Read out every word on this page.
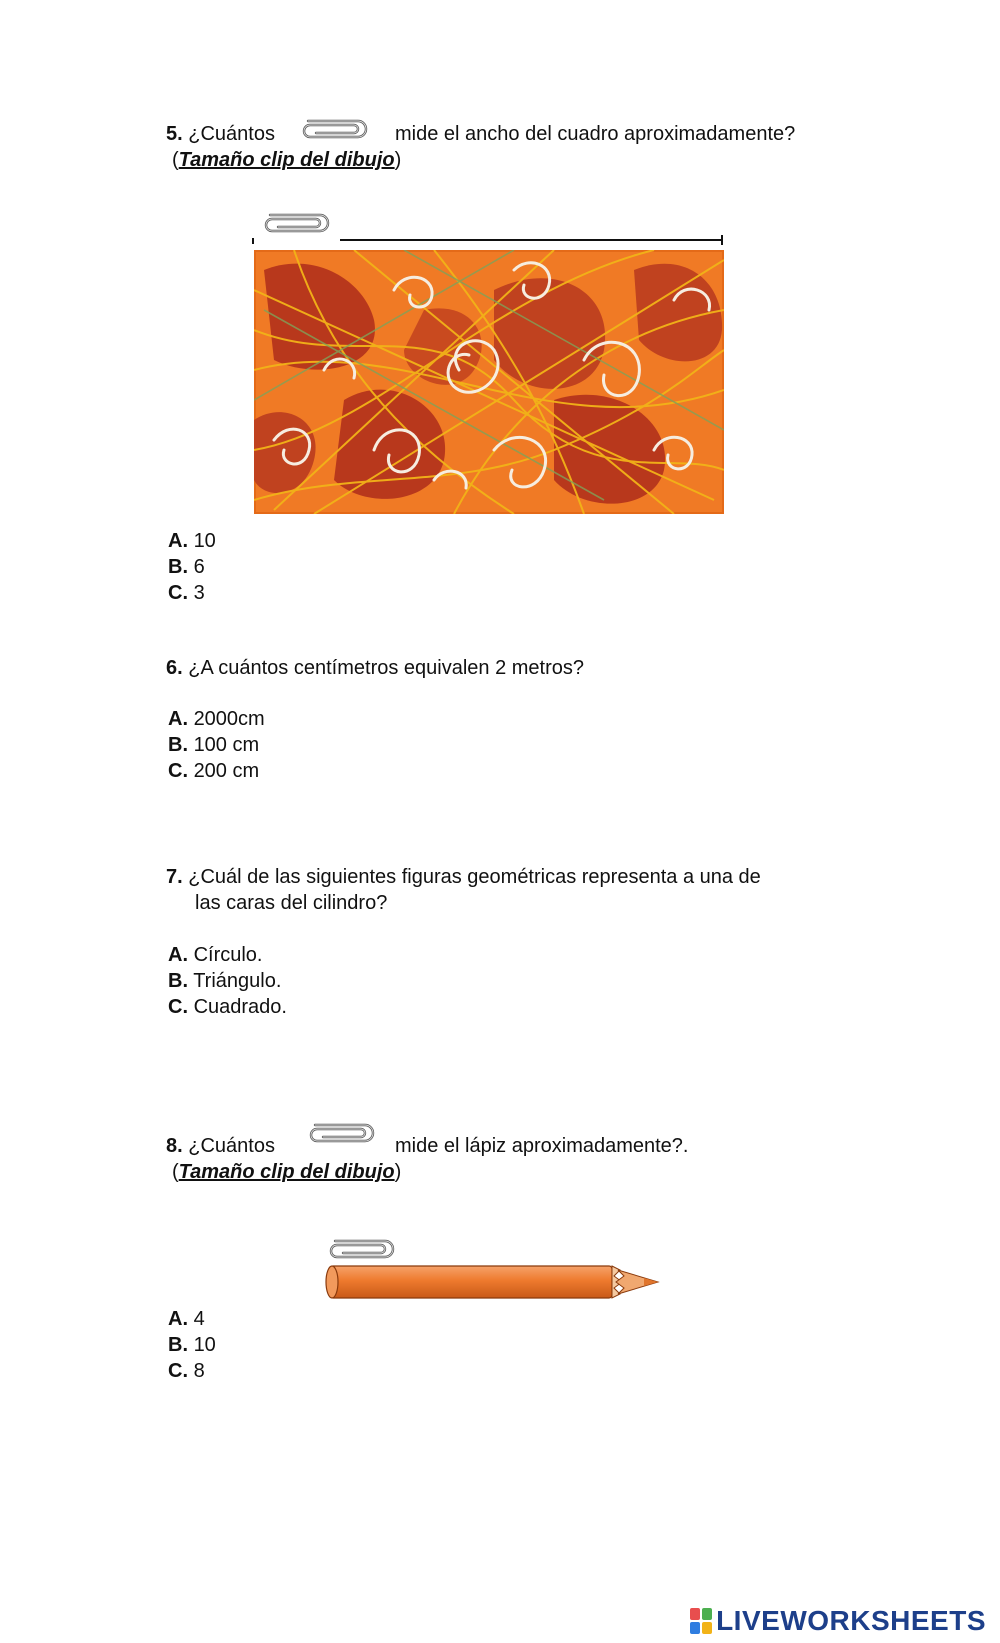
5. ¿Cuántos	mide el ancho del cuadro aproximadamente?
(Tamaño clip del dibujo)
A. 10
B. 6
C. 3
6. ¿A cuántos centímetros equivalen 2 metros?
A. 2000cm
B. 100 cm
C. 200 cm
7. ¿Cuál de las siguientes figuras geométricas representa a una de
las caras del cilindro?
A. Círculo.
B. Triángulo.
C. Cuadrado.
8. ¿Cuántos	mide el lápiz aproximadamente?.
(Tamaño clip del dibujo)
A. 4
B. 10
C. 8
LIVEWORKSHEETS
